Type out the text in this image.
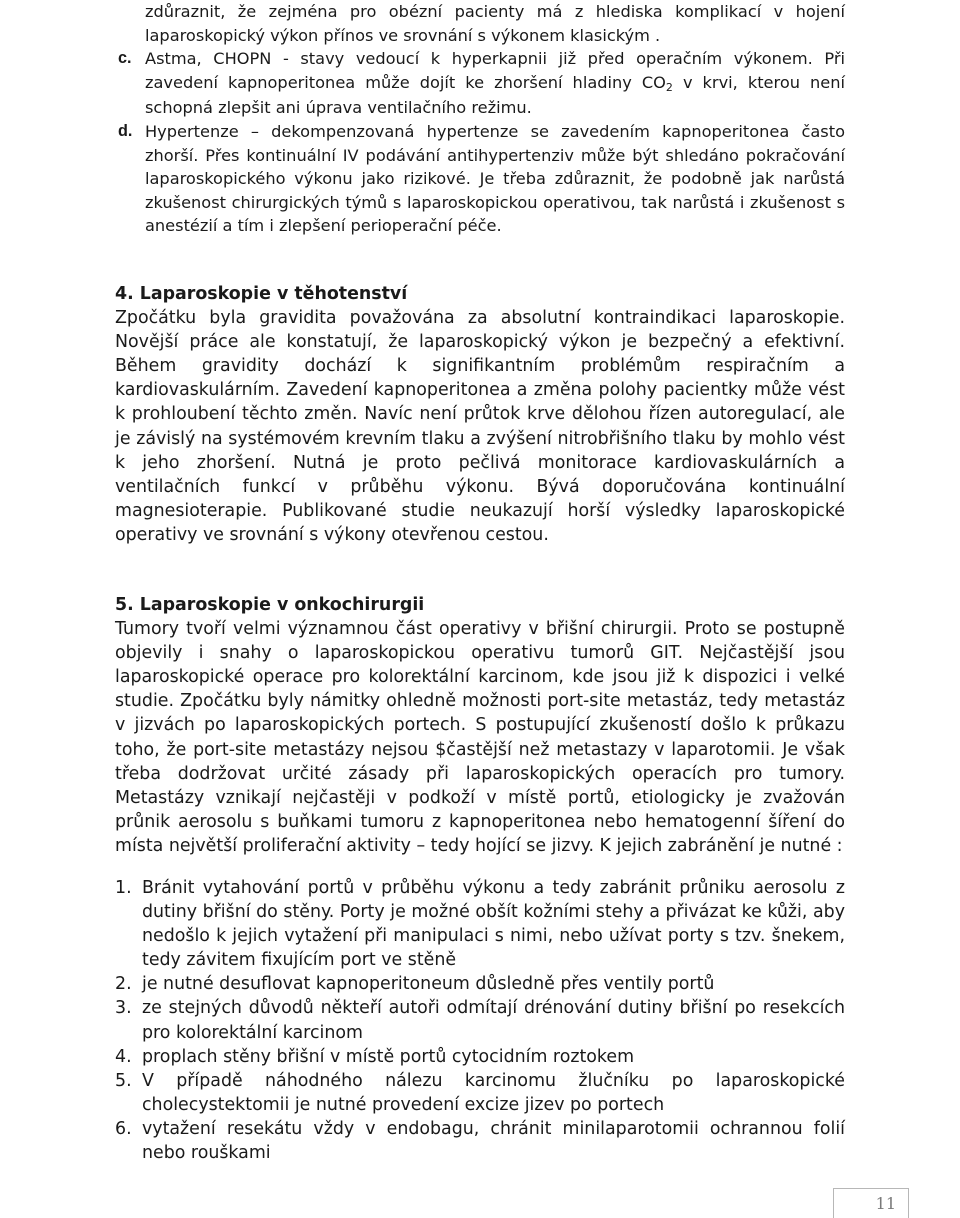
zdůraznit, že zejména pro obézní pacienty má z hlediska komplikací v hojení laparoskopický výkon přínos ve srovnání s výkonem klasickým .

c. Astma, CHOPN - stavy vedoucí k hyperkapnii již před operačním výkonem. Při zavedení kapnoperitonea může dojít ke zhoršení hladiny CO2 v krvi, kterou není schopná zlepšit ani úprava ventilačního režimu.

d. Hypertenze – dekompenzovaná hypertenze se zavedením kapnoperitonea často zhorší. Přes kontinuální IV podávání antihypertenziv může být shledáno pokračování laparoskopického výkonu jako rizikové. Je třeba zdůraznit, že podobně jak narůstá zkušenost chirurgických týmů s laparoskopickou operativou, tak narůstá i zkušenost s anestézií a tím i zlepšení perioperační péče.

4. Laparoskopie v těhotenství

Zpočátku byla gravidita považována za absolutní kontraindikaci laparoskopie. Novější práce ale konstatují, že laparoskopický výkon je bezpečný a efektivní. Během gravidity dochází k signifikantním problémům respiračním a kardiovaskulárním. Zavedení kapnoperitonea a změna polohy pacientky může vést k prohloubení těchto změn. Navíc není průtok krve dělohou řízen autoregulací, ale je závislý na systémovém krevním tlaku a zvýšení nitrobřišního tlaku by mohlo vést k jeho zhoršení. Nutná je proto pečlivá monitorace kardiovaskulárních a ventilačních funkcí v průběhu výkonu. Bývá doporučována kontinuální magnesioterapie. Publikované studie neukazují horší výsledky laparoskopické operativy ve srovnání s výkony otevřenou cestou.

5. Laparoskopie v onkochirurgii

Tumory tvoří velmi významnou část operativy v břišní chirurgii. Proto se postupně objevily i snahy o laparoskopickou operativu tumorů GIT. Nejčastější jsou laparoskopické operace pro kolorektální karcinom, kde jsou již k dispozici i velké studie. Zpočátku byly námitky ohledně možnosti port-site metastáz, tedy metastáz v jizvách po laparoskopických portech. S postupující zkušeností došlo k průkazu toho, že port-site metastázy nejsou $častější než metastazy v laparotomii. Je však třeba dodržovat určité zásady při laparoskopických operacích pro tumory. Metastázy vznikají nejčastěji v podkoží v místě portů, etiologicky je zvažován průnik aerosolu s buňkami tumoru z kapnoperitonea nebo hematogenní šíření do místa největší proliferační aktivity – tedy hojící se jizvy. K jejich zabránění je nutné :

1. Bránit vytahování portů v průběhu výkonu a tedy zabránit průniku aerosolu z dutiny břišní do stěny. Porty je možné obšít kožními stehy a přivázat ke kůži, aby nedošlo k jejich vytažení při manipulaci s nimi, nebo užívat porty s tzv. šnekem, tedy závitem fixujícím port ve stěně
2. je nutné desuflovat kapnoperitoneum důsledně přes ventily portů
3. ze stejných důvodů někteří autoři odmítají drénování dutiny břišní po resekcích pro kolorektální karcinom
4. proplach stěny břišní v místě portů cytocidním roztokem
5. V případě náhodného nálezu karcinomu žlučníku po laparoskopické cholecystektomii je nutné provedení excize jizev po portech
6. vytažení resekátu vždy v endobagu, chránit minilaparotomii ochrannou folií nebo rouškami
11
